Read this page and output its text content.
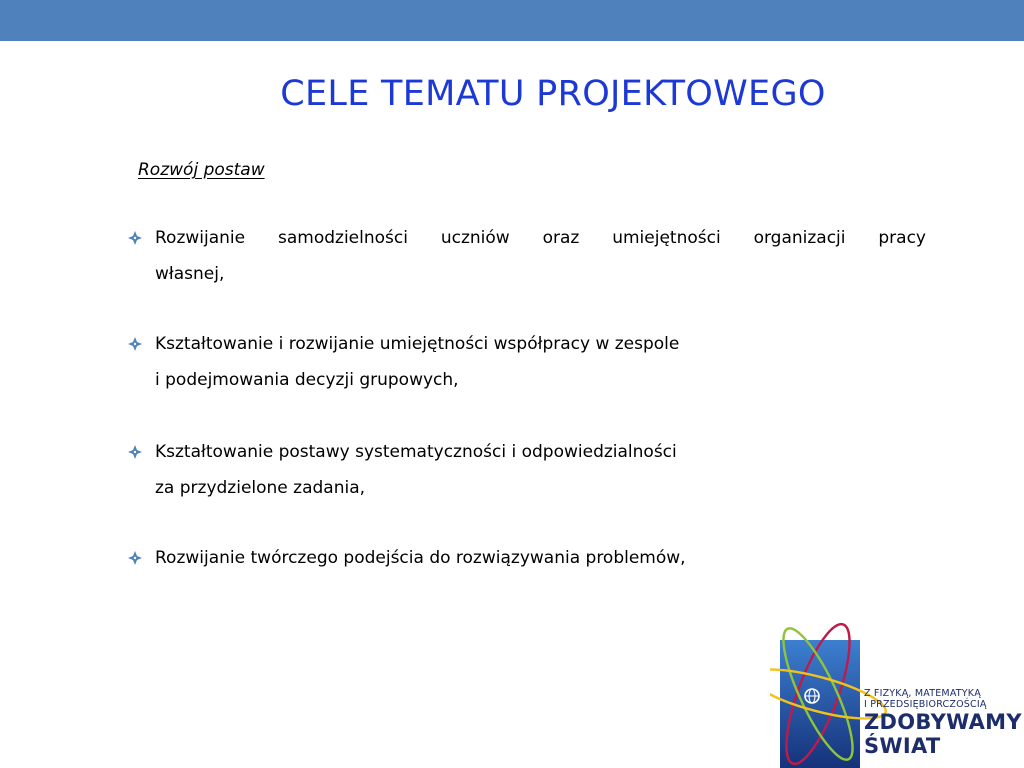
CELE TEMATU PROJEKTOWEGO
Rozwój postaw
Rozwijanie samodzielności uczniów oraz umiejętności organizacji pracy
własnej,
Kształtowanie i rozwijanie umiejętności współpracy w zespole
i podejmowania decyzji grupowych,
Kształtowanie postawy systematyczności i odpowiedzialności
za przydzielone zadania,
Rozwijanie twórczego podejścia do rozwiązywania problemów,
Z FIZYKĄ, MATEMATYKĄ
I PRZEDSIĘBIORCZOŚCIĄ
ZDOBYWAMY
ŚWIAT
